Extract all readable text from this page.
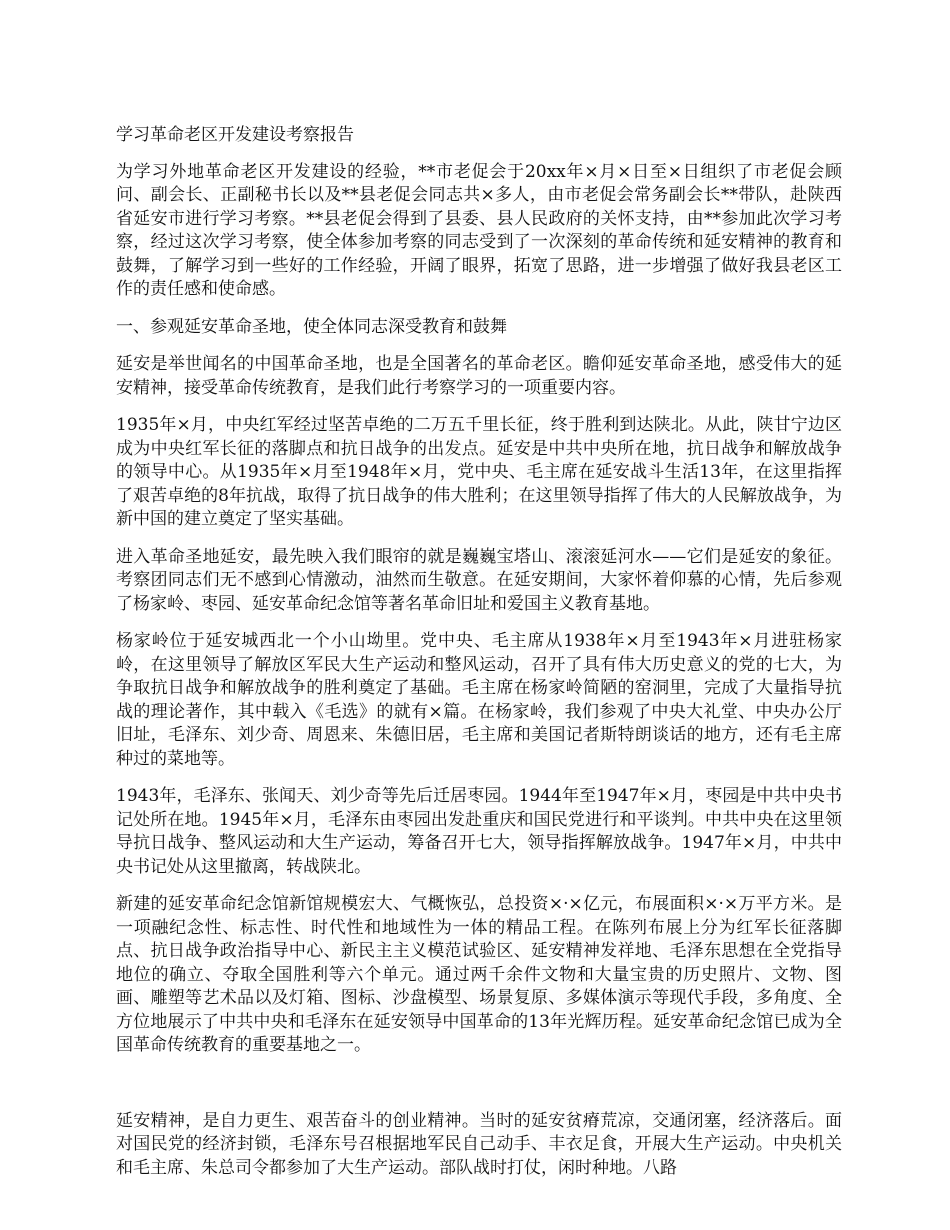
学习革命老区开发建设考察报告

为学习外地革命老区开发建设的经验，**市老促会于20xx年×月×日至×日组织了市老促会顾问、副会长、正副秘书长以及**县老促会同志共×多人，由市老促会常务副会长**带队，赴陕西省延安市进行学习考察。**县老促会得到了县委、县人民政府的关怀支持，由**参加此次学习考察，经过这次学习考察，使全体参加考察的同志受到了一次深刻的革命传统和延安精神的教育和鼓舞，了解学习到一些好的工作经验，开阔了眼界，拓宽了思路，进一步增强了做好我县老区工作的责任感和使命感。

一、参观延安革命圣地，使全体同志深受教育和鼓舞

延安是举世闻名的中国革命圣地，也是全国著名的革命老区。瞻仰延安革命圣地，感受伟大的延安精神，接受革命传统教育，是我们此行考察学习的一项重要内容。

1935年×月，中央红军经过坚苦卓绝的二万五千里长征，终于胜利到达陕北。从此，陕甘宁边区成为中央红军长征的落脚点和抗日战争的出发点。延安是中共中央所在地，抗日战争和解放战争的领导中心。从1935年×月至1948年×月，党中央、毛主席在延安战斗生活13年，在这里指挥了艰苦卓绝的8年抗战，取得了抗日战争的伟大胜利；在这里领导指挥了伟大的人民解放战争，为新中国的建立奠定了坚实基础。

进入革命圣地延安，最先映入我们眼帘的就是巍巍宝塔山、滚滚延河水——它们是延安的象征。考察团同志们无不感到心情激动，油然而生敬意。在延安期间，大家怀着仰慕的心情，先后参观了杨家岭、枣园、延安革命纪念馆等著名革命旧址和爱国主义教育基地。

杨家岭位于延安城西北一个小山坳里。党中央、毛主席从1938年×月至1943年×月进驻杨家岭，在这里领导了解放区军民大生产运动和整风运动，召开了具有伟大历史意义的党的七大，为争取抗日战争和解放战争的胜利奠定了基础。毛主席在杨家岭简陋的窑洞里，完成了大量指导抗战的理论著作，其中载入《毛选》的就有×篇。在杨家岭，我们参观了中央大礼堂、中央办公厅旧址，毛泽东、刘少奇、周恩来、朱德旧居，毛主席和美国记者斯特朗谈话的地方，还有毛主席种过的菜地等。

1943年，毛泽东、张闻天、刘少奇等先后迁居枣园。1944年至1947年×月，枣园是中共中央书记处所在地。1945年×月，毛泽东由枣园出发赴重庆和国民党进行和平谈判。中共中央在这里领导抗日战争、整风运动和大生产运动，筹备召开七大，领导指挥解放战争。1947年×月，中共中央书记处从这里撤离，转战陕北。

新建的延安革命纪念馆新馆规模宏大、气概恢弘，总投资×·×亿元，布展面积×·×万平方米。是一项融纪念性、标志性、时代性和地域性为一体的精品工程。在陈列布展上分为红军长征落脚点、抗日战争政治指导中心、新民主主义模范试验区、延安精神发祥地、毛泽东思想在全党指导地位的确立、夺取全国胜利等六个单元。通过两千余件文物和大量宝贵的历史照片、文物、图画、雕塑等艺术品以及灯箱、图标、沙盘模型、场景复原、多媒体演示等现代手段，多角度、全方位地展示了中共中央和毛泽东在延安领导中国革命的13年光辉历程。延安革命纪念馆已成为全国革命传统教育的重要基地之一。

延安精神，是自力更生、艰苦奋斗的创业精神。当时的延安贫瘠荒凉，交通闭塞，经济落后。面对国民党的经济封锁，毛泽东号召根据地军民自己动手、丰衣足食，开展大生产运动。中央机关和毛主席、朱总司令都参加了大生产运动。部队战时打仗，闲时种地。八路
